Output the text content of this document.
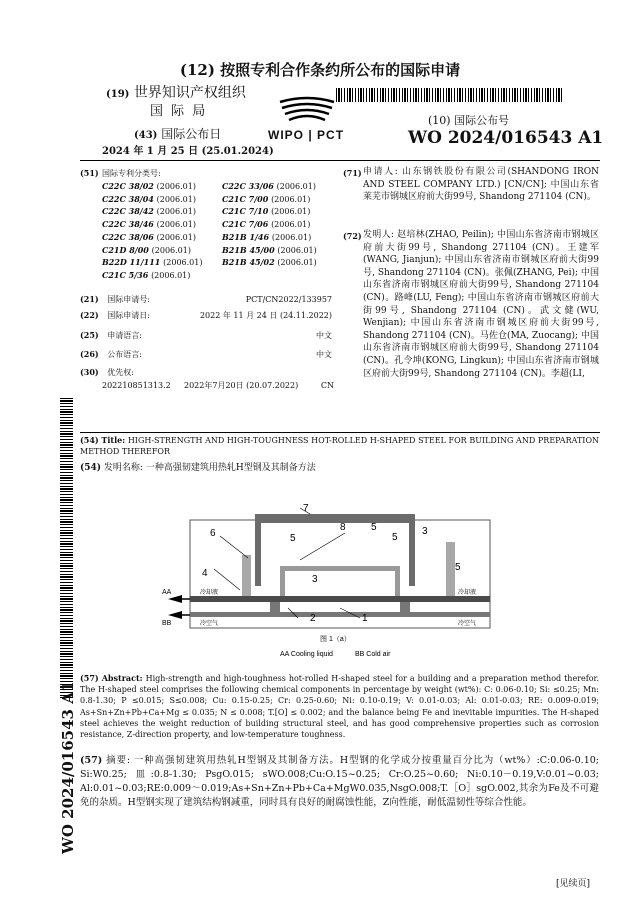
(12) 按照专利合作条约所公布的国际申请
(19) 世界知识产权组织
国 际 局
WIPO | PCT
(43) 国际公布日
2024 年 1 月 25 日 (25.01.2024)
(10) 国际公布号
WO 2024/016543 A1
(51) 国际专利分类号:
C22C 38/02 (2006.01)
C22C 38/04 (2006.01)
C22C 38/42 (2006.01)
C22C 38/46 (2006.01)
C22C 38/06 (2006.01)
C21D 8/00 (2006.01)
B22D 11/111 (2006.01)
C21C 5/36 (2006.01)
C22C 33/06 (2006.01)
C21C 7/00 (2006.01)
C21C 7/10 (2006.01)
C21C 7/06 (2006.01)
B21B 1/46 (2006.01)
B21B 45/00 (2006.01)
B21B 45/02 (2006.01)
(21) 国际申请号:	PCT/CN2022/133957
(22) 国际申请日:	2022 年 11 月 24 日 (24.11.2022)
(25) 申请语言:	中文
(26) 公布语言:	中文
(30) 优先权:
202210851313.2 2022年7月20日 (20.07.2022)	CN
(71) 申请人: 山东钢铁股份有限公司(SHANDONG IRON AND STEEL COMPANY LTD.) [CN/CN]; 中国山东省莱芜市钢城区府前大街99号, Shandong 271104 (CN)。
(72) 发明人: 赵培林(ZHAO, Peilin); 中国山东省济南市钢城区府前大街99号, Shandong 271104 (CN)。王建军(WANG, Jianjun); 中国山东省济南市钢城区府前大街99号, Shandong 271104 (CN)。张佩(ZHANG, Pei); 中国山东省济南市钢城区府前大街99号, Shandong 271104 (CN)。路峰(LU, Feng); 中国山东省济南市钢城区府前大街99号, Shandong 271104 (CN)。武文健(WU, Wenjian); 中国山东省济南市钢城区府前大街99号, Shandong 271104 (CN)。马佐仓(MA, Zuocang); 中国山东省济南市钢城区府前大街99号, Shandong 271104 (CN)。孔令坤(KONG, Lingkun); 中国山东省济南市钢城区府前大街99号, Shandong 271104 (CN)。李超(LI,
(54) Title: HIGH-STRENGTH AND HIGH-TOUGHNESS HOT-ROLLED H-SHAPED STEEL FOR BUILDING AND PREPARATION METHOD THEREFOR
(54) 发明名称: 一种高强韧建筑用热轧H型钢及其制备方法
7
8	5	3
6	5	5
4
5
3
2	1
AA
BB
冷却液
冷空气
冷却液
冷空气
图 1（a）
AA Cooling liquid	BB Cold air
(57) Abstract: High-strength and high-toughness hot-rolled H-shaped steel for a building and a preparation method therefor. The H-shaped steel comprises the following chemical components in percentage by weight (wt%): C: 0.06-0.10; Si: ≤0.25; Mn: 0.8-1.30; P ≤0.015; S≤0.008; Cu: 0.15-0.25; Cr: 0.25-0.60; Ni: 0.10-0.19; V: 0.01-0.03; Al: 0.01-0.03; RE: 0.009-0.019; As+Sn+Zn+Pb+Ca+Mg ≤ 0.035; N ≤ 0.008; T.[O] ≤ 0.002; and the balance being Fe and inevitable impurities. The H-shaped steel achieves the weight reduction of building structural steel, and has good comprehensive properties such as corrosion resistance, Z-direction property, and low-temperature toughness.
(57) 摘要: 一种高强韧建筑用热轧H型钢及其制备方法。H型钢的化学成分按重量百分比为（wt%）:C:0.06-0.10; Si:W0.25; 皿:0.8-1.30; PsgO.015; sWO.008;Cu:O.15~0.25; Cr:O.25~0.60; Ni:0.10－0.19,V:0.01~0.03; Al:0.01~0.03;RE:0.009～0.019;As+Sn+Zn+Pb+Ca+MgW0.035,NsgO.008;T.［O］sgO.002,其余为Fe及不可避免的杂质。H型钢实现了建筑结构钢减重，同时具有良好的耐腐蚀性能，Z向性能，耐低温韧性等综合性能。
[见续页]
WO 2024/016543 A1
